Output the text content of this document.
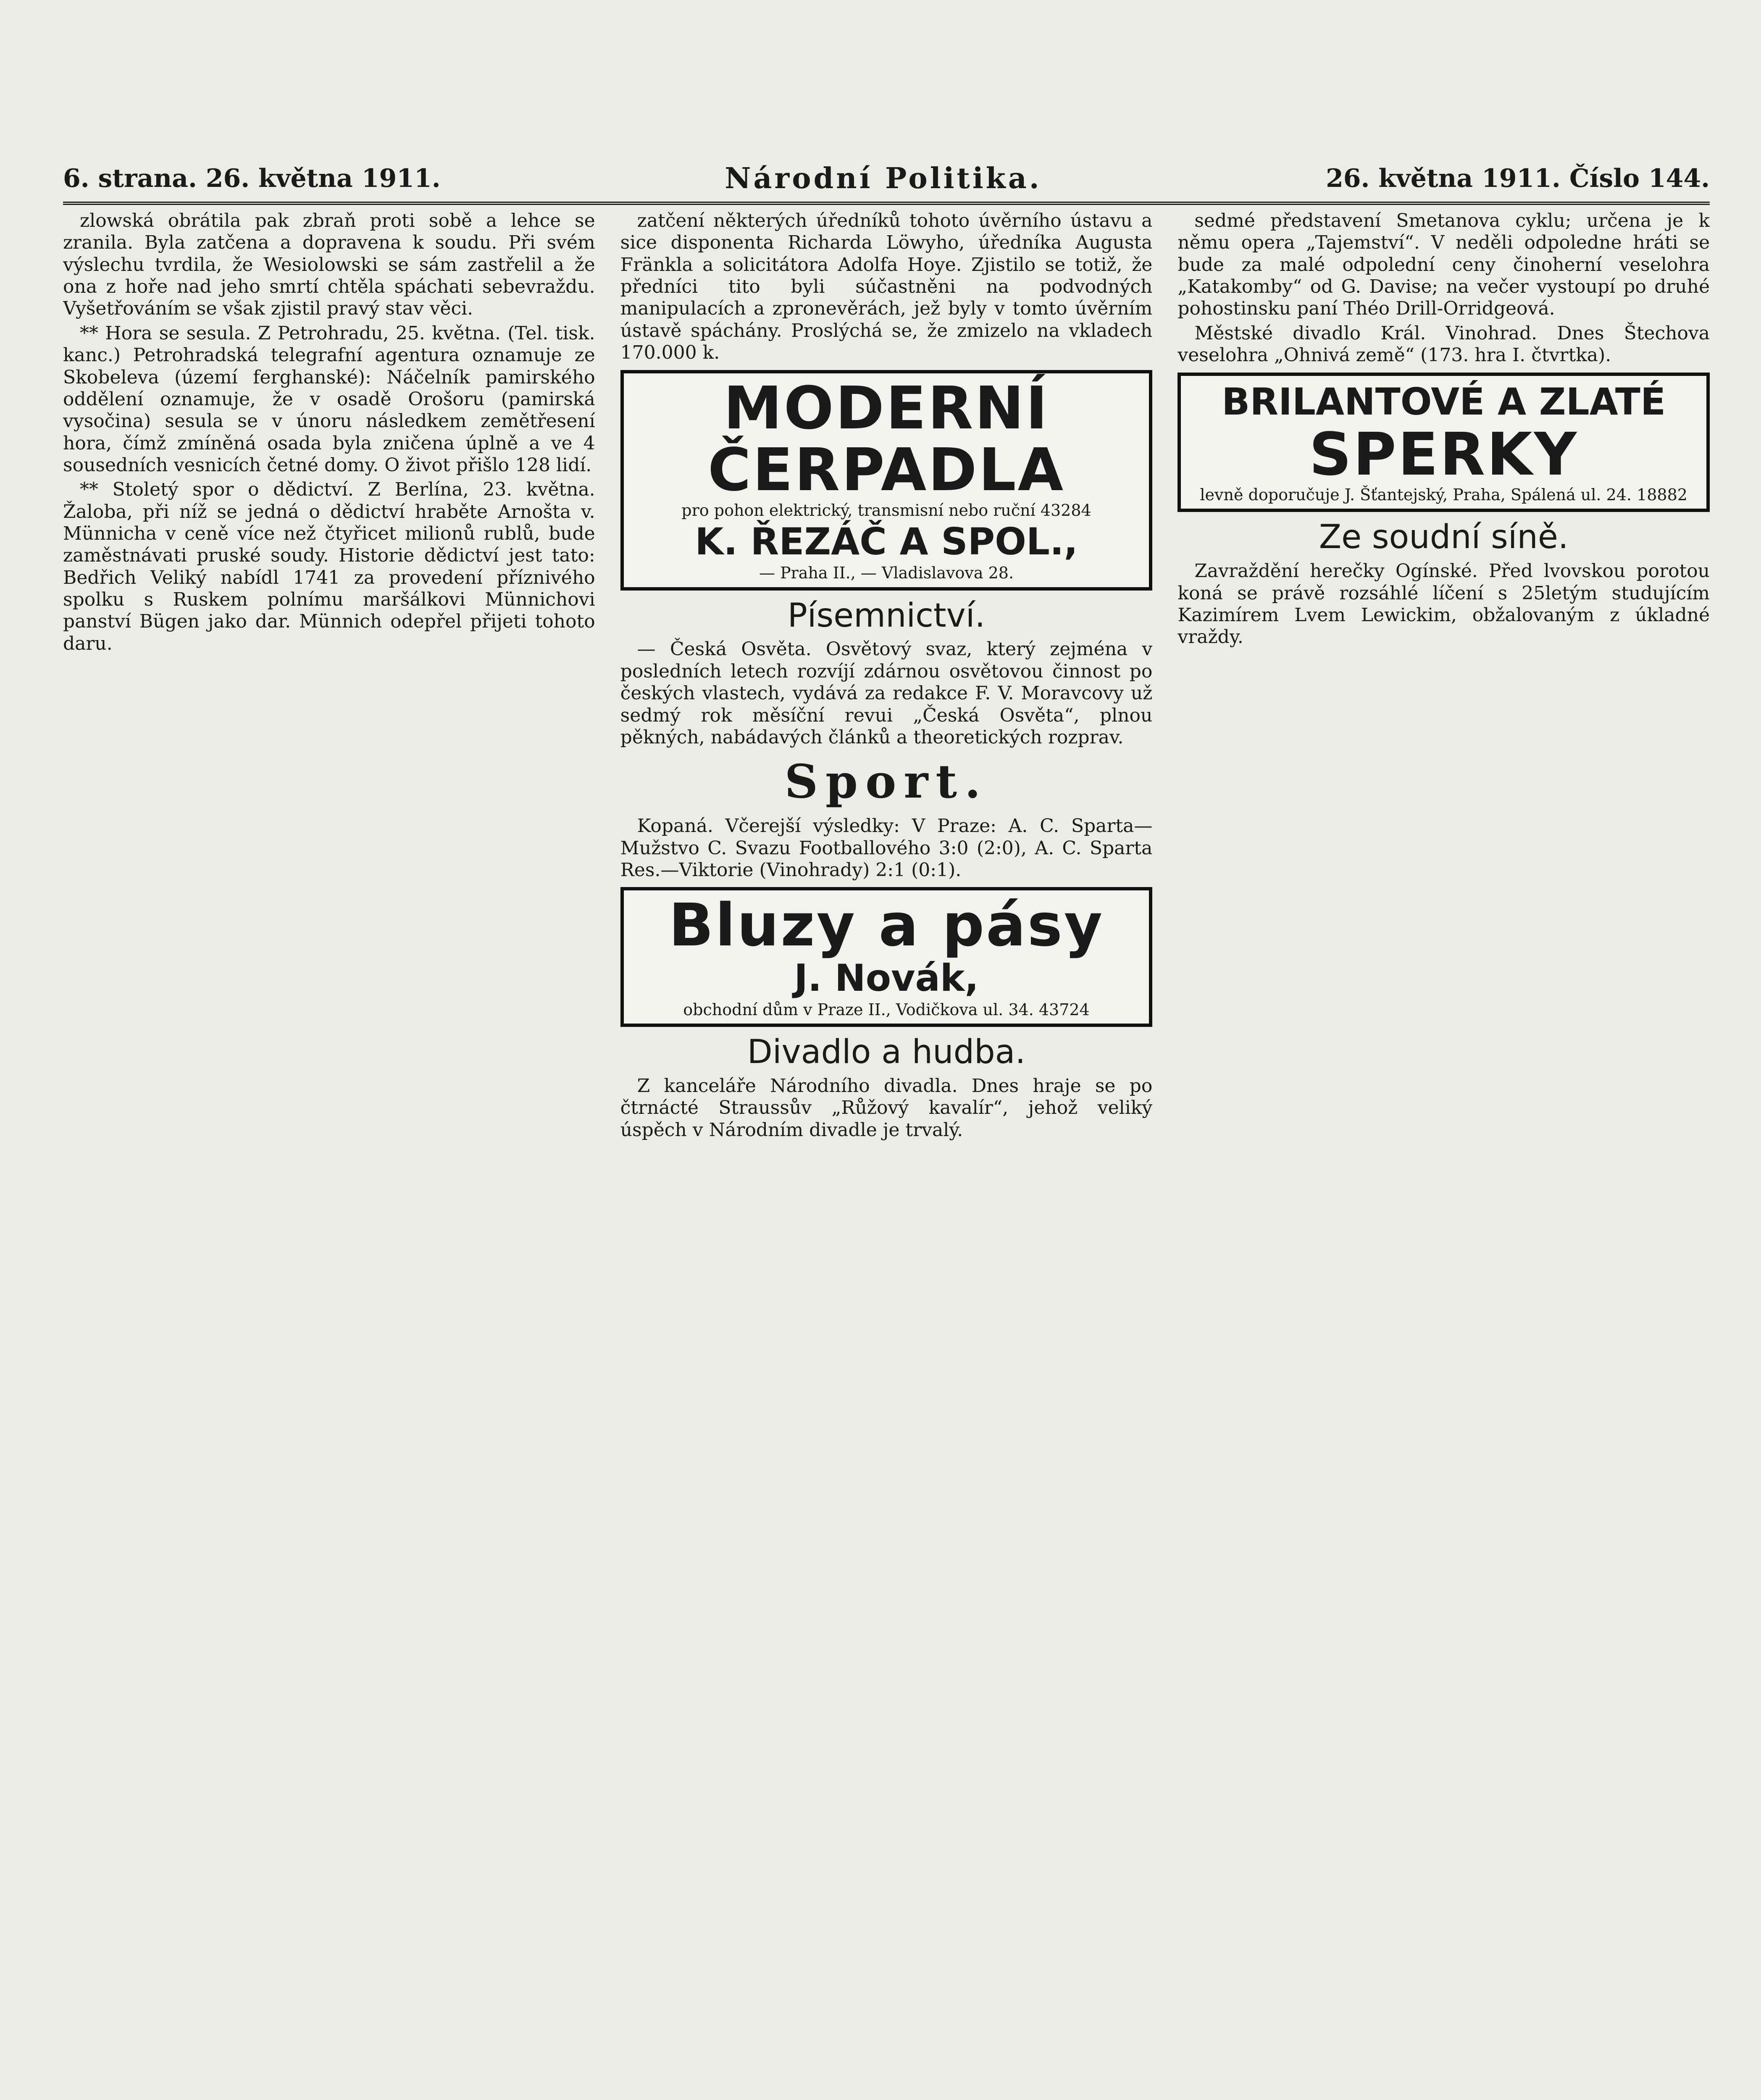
6. strana. 26. května 1911.	Národní Politika.	26. května 1911. Číslo 144.

zlowská obrátila pak zbraň proti sobě a lehce se zranila. Byla zatčena a dopravena k soudu. Při svém výslechu tvrdila, že Wesiolowski se sám zastřelil a že ona z hoře nad jeho smrtí chtěla spáchati sebevraždu. Vyšetřováním se však zjistil pravý stav věci.

** Hora se sesula. Z Petrohradu, 25. května. (Tel. tisk. kanc.) Petrohradská telegrafní agentura oznamuje ze Skobeleva (území ferghanské): Náčelník pamirského oddělení oznamuje, že v osadě Orošoru (pamirská vysočina) sesula se v únoru následkem zemětřesení hora, čímž zmíněná osada byla zničena úplně a ve 4 sousedních vesnicích četné domy. O život přišlo 128 lidí.

** Stoletý spor o dědictví. Z Berlína, 23. května. Žaloba, při níž se jedná o dědictví hraběte Arnošta v. Münnicha v ceně více než čtyřicet milionů rublů, bude zaměstnávati pruské soudy. Historie dědictví jest tato: Bedřich Veliký nabídl 1741 za provedení příznivého spolku s Ruskem polnímu maršálkovi Münnichovi panství Bügen jako dar. Münnich odepřel přijeti tohoto daru.

zatčení některých úředníků tohoto úvěrního ústavu a sice disponenta Richarda Löwyho, úředníka Augusta Fränkla a solicitátora Adolfa Hoye. Zjistilo se totiž, že předníci tito byli súčastněni na podvodných manipulacích a zpronevěrách, jež byly v tomto úvěrním ústavě spáchány. Proslýchá se, že zmizelo na vkladech 170.000 k.

MODERNÍ ČERPADLA
pro pohon elektrický, transmisní nebo ruční 43284
K. ŘEZÁČ A SPOL.,
— Praha II., — Vladislavova 28.
Písemnictví.

— Česká Osvěta. Osvětový svaz, který zejména v posledních letech rozvíjí zdárnou osvětovou činnost po českých vlastech, vydává za redakce F. V. Moravcovy už sedmý rok měsíční revui „Česká Osvěta“, plnou pěkných, nabádavých článků a theoretických rozprav.

Sport.

Kopaná. Včerejší výsledky: V Praze: A. C. Sparta—Mužstvo C. Svazu Footballového 3:0 (2:0), A. C. Sparta Res.—Viktorie (Vinohrady) 2:1 (0:1).

Bluzy a pásy
J. Novák,
obchodní dům v Praze II., Vodičkova ul. 34. 43724
Divadlo a hudba.

Z kanceláře Národního divadla. Dnes hraje se po čtrnácté Straussův „Růžový kavalír“, jehož veliký úspěch v Národním divadle je trvalý.

sedmé představení Smetanova cyklu; určena je k němu opera „Tajemství“. V neděli odpoledne hráti se bude za malé odpolední ceny činoherní veselohra „Katakomby“ od G. Davise; na večer vystoupí po druhé pohostinsku paní Théo Drill-Orridgeová.

Městské divadlo Král. Vinohrad. Dnes Štechova veselohra „Ohnivá země“ (173. hra I. čtvrtka).

BRILANTOVÉ A ZLATÉ
SPERKY
levně doporučuje J. Šťantejský, Praha, Spálená ul. 24. 18882
Ze soudní síně.

Zavraždění herečky Ogínské. Před lvovskou porotou koná se právě rozsáhlé líčení s 25letým studujícím Kazimírem Lvem Lewickim, obžalovaným z úkladné vraždy.
